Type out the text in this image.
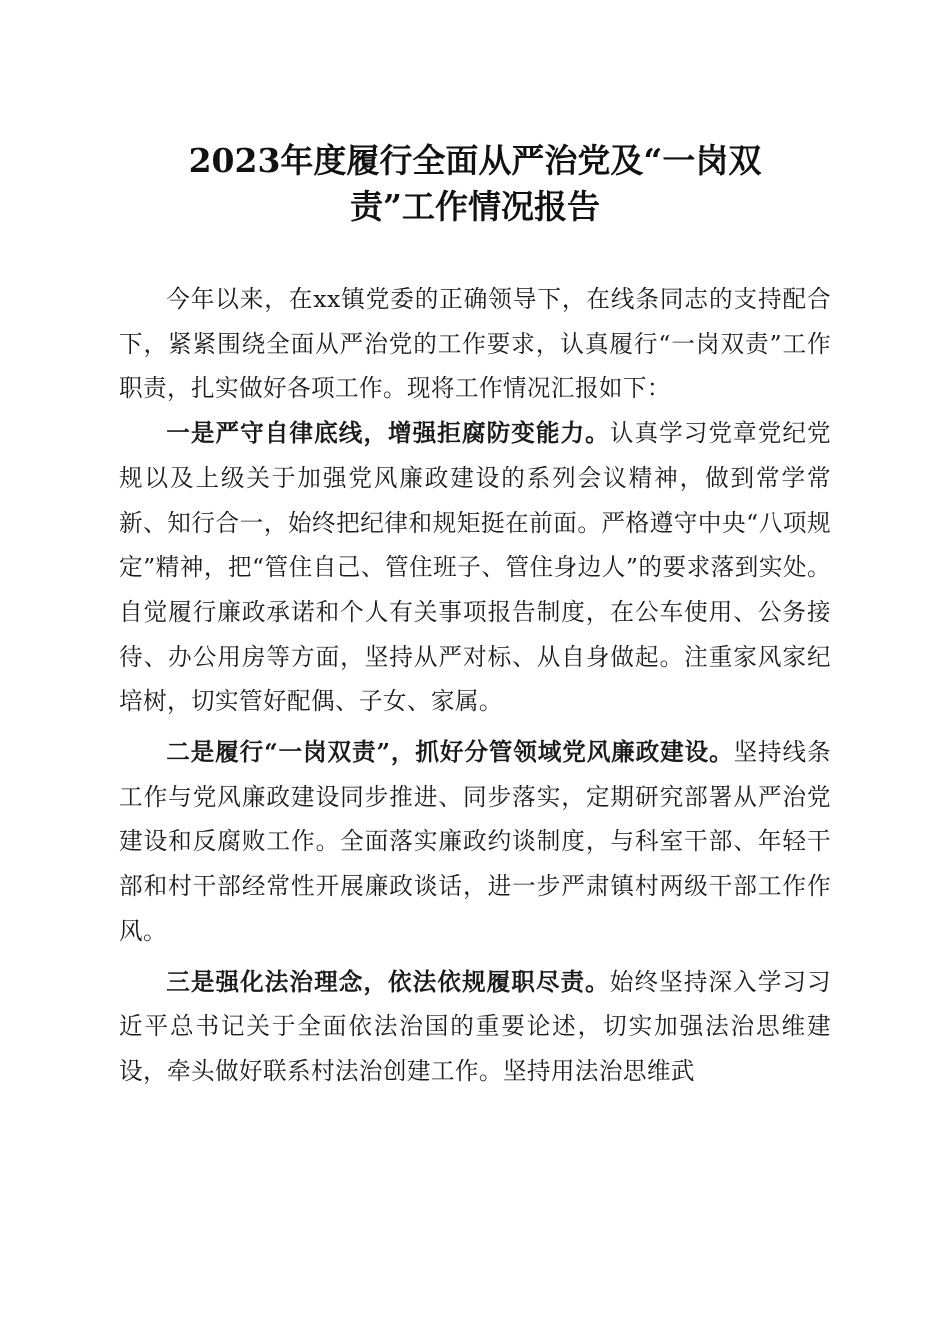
2023年度履行全面从严治党及“一岗双
责”工作情况报告

今年以来，在xx镇党委的正确领导下，在线条同志的支持配合下，紧紧围绕全面从严治党的工作要求，认真履行“一岗双责”工作职责，扎实做好各项工作。现将工作情况汇报如下：

一是严守自律底线，增强拒腐防变能力。认真学习党章党纪党规以及上级关于加强党风廉政建设的系列会议精神，做到常学常新、知行合一，始终把纪律和规矩挺在前面。严格遵守中央“八项规定”精神，把“管住自己、管住班子、管住身边人”的要求落到实处。自觉履行廉政承诺和个人有关事项报告制度，在公车使用、公务接待、办公用房等方面，坚持从严对标、从自身做起。注重家风家纪培树，切实管好配偶、子女、家属。

二是履行“一岗双责”，抓好分管领域党风廉政建设。坚持线条工作与党风廉政建设同步推进、同步落实，定期研究部署从严治党建设和反腐败工作。全面落实廉政约谈制度，与科室干部、年轻干部和村干部经常性开展廉政谈话，进一步严肃镇村两级干部工作作风。

三是强化法治理念，依法依规履职尽责。始终坚持深入学习习近平总书记关于全面依法治国的重要论述，切实加强法治思维建设，牵头做好联系村法治创建工作。坚持用法治思维武
